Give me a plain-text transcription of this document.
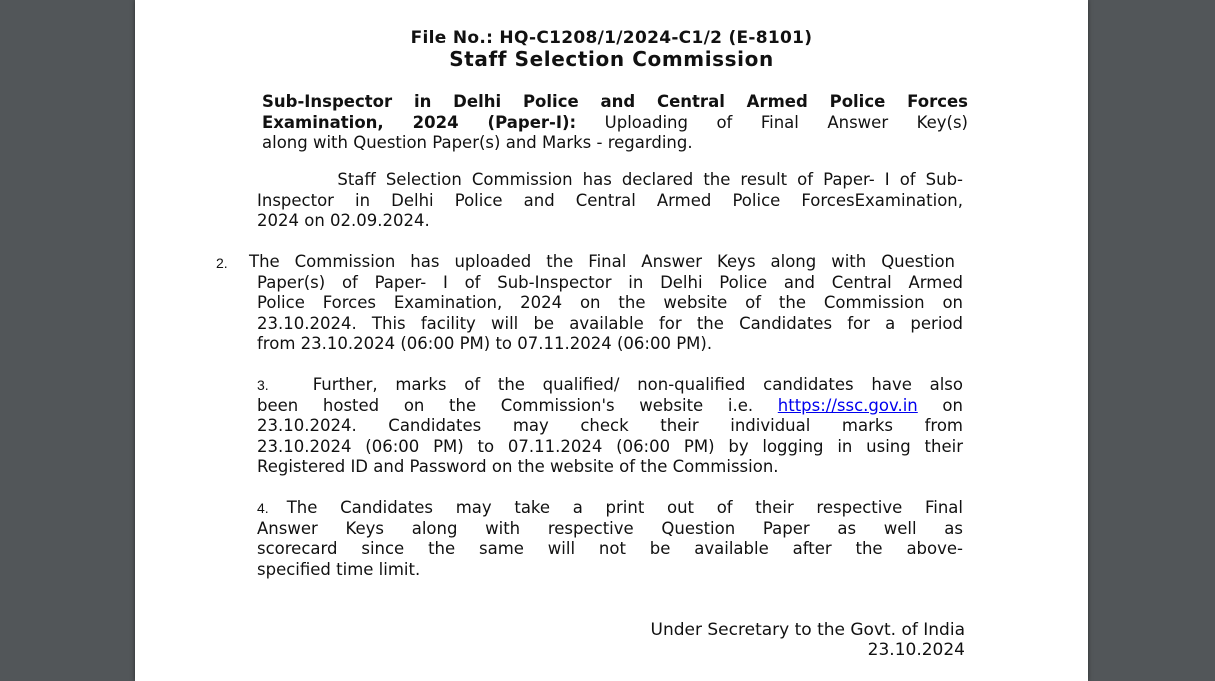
File No.: HQ-C1208/1/2024-C1/2 (E-8101)
Staff Selection Commission
Sub-Inspector in Delhi Police and Central Armed Police Forces
Examination, 2024 (Paper-I): Uploading of Final Answer Key(s)
along with Question Paper(s) and Marks - regarding.
Staff Selection Commission has declared the result of Paper- I of Sub-
Inspector in Delhi Police and Central Armed Police ForcesExamination,
2024 on 02.09.2024.
2. The Commission has uploaded the Final Answer Keys along with Question
Paper(s) of Paper- I of Sub-Inspector in Delhi Police and Central Armed
Police Forces Examination, 2024 on the website of the Commission on
23.10.2024. This facility will be available for the Candidates for a period
from 23.10.2024 (06:00 PM) to 07.11.2024 (06:00 PM).
3.	Further, marks of the qualified/ non-qualified candidates have also
been hosted on the Commission's website i.e. https://ssc.gov.in on
23.10.2024. Candidates may check their individual marks from
23.10.2024 (06:00 PM) to 07.11.2024 (06:00 PM) by logging in using their
Registered ID and Password on the website of the Commission.
4. The Candidates may take a print out of their respective Final
Answer Keys along with respective Question Paper as well as
scorecard since the same will not be available after the above-
specified time limit.
Under Secretary to the Govt. of India
23.10.2024
